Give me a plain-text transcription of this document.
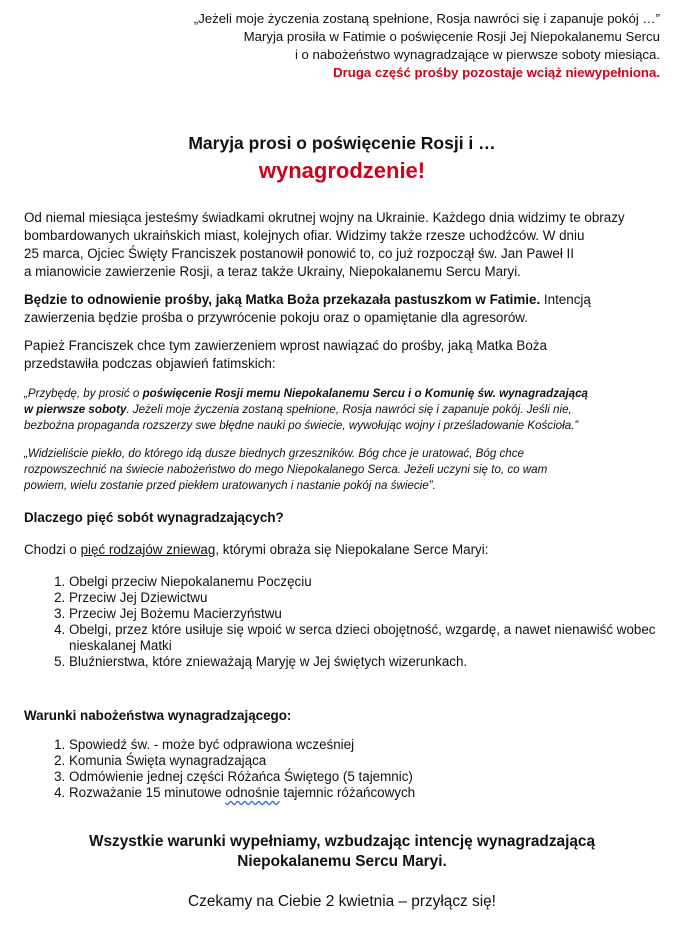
„Jeżeli moje życzenia zostaną spełnione, Rosja nawróci się i zapanuje pokój …”
Maryja prosiła w Fatimie o poświęcenie Rosji Jej Niepokalanemu Sercu
i o nabożeństwo wynagradzające w pierwsze soboty miesiąca.
Druga część prośby pozostaje wciąż niewypełniona.
Maryja prosi o poświęcenie Rosji i …
wynagrodzenie!
Od niemal miesiąca jesteśmy świadkami okrutnej wojny na Ukrainie. Każdego dnia widzimy te obrazy
bombardowanych ukraińskich miast, kolejnych ofiar. Widzimy także rzesze uchodźców. W dniu
25 marca, Ojciec Święty Franciszek postanowił ponowić to, co już rozpoczął św. Jan Paweł II
a mianowicie zawierzenie Rosji, a teraz także Ukrainy, Niepokalanemu Sercu Maryi.
Będzie to odnowienie prośby, jaką Matka Boża przekazała pastuszkom w Fatimie. Intencją
zawierzenia będzie prośba o przywrócenie pokoju oraz o opamiętanie dla agresorów.
Papież Franciszek chce tym zawierzeniem wprost nawiązać do prośby, jaką Matka Boża
przedstawiła podczas objawień fatimskich:
„Przybędę, by prosić o poświęcenie Rosji memu Niepokalanemu Sercu i o Komunię św. wynagradzającą
w pierwsze soboty. Jeżeli moje życzenia zostaną spełnione, Rosja nawróci się i zapanuje pokój. Jeśli nie,
bezbożna propaganda rozszerzy swe błędne nauki po świecie, wywołując wojny i prześladowanie Kościoła.”
„Widzieliście piekło, do którego idą dusze biednych grzeszników. Bóg chce je uratować, Bóg chce
rozpowszechnić na świecie nabożeństwo do mego Niepokalanego Serca. Jeżeli uczyni się to, co wam
powiem, wielu zostanie przed piekłem uratowanych i nastanie pokój na świecie”.
Dlaczego pięć sobót wynagradzających?
Chodzi o pięć rodzajów zniewag, którymi obraża się Niepokalane Serce Maryi:
1. Obelgi przeciw Niepokalanemu Poczęciu
2. Przeciw Jej Dziewictwu
3. Przeciw Jej Bożemu Macierzyństwu
4. Obelgi, przez które usiłuje się wpoić w serca dzieci obojętność, wzgardę, a nawet nienawiść wobec nieskalanej Matki
5. Bluźnierstwa, które znieważają Maryję w Jej świętych wizerunkach.
Warunki nabożeństwa wynagradzającego:
1. Spowiedź św. - może być odprawiona wcześniej
2. Komunia Święta wynagradzająca
3. Odmówienie jednej części Różańca Świętego (5 tajemnic)
4. Rozważanie 15 minutowe odnośnie tajemnic różańcowych
Wszystkie warunki wypełniamy, wzbudzając intencję wynagradzającą
Niepokalanemu Sercu Maryi.
Czekamy na Ciebie 2 kwietnia – przyłącz się!
